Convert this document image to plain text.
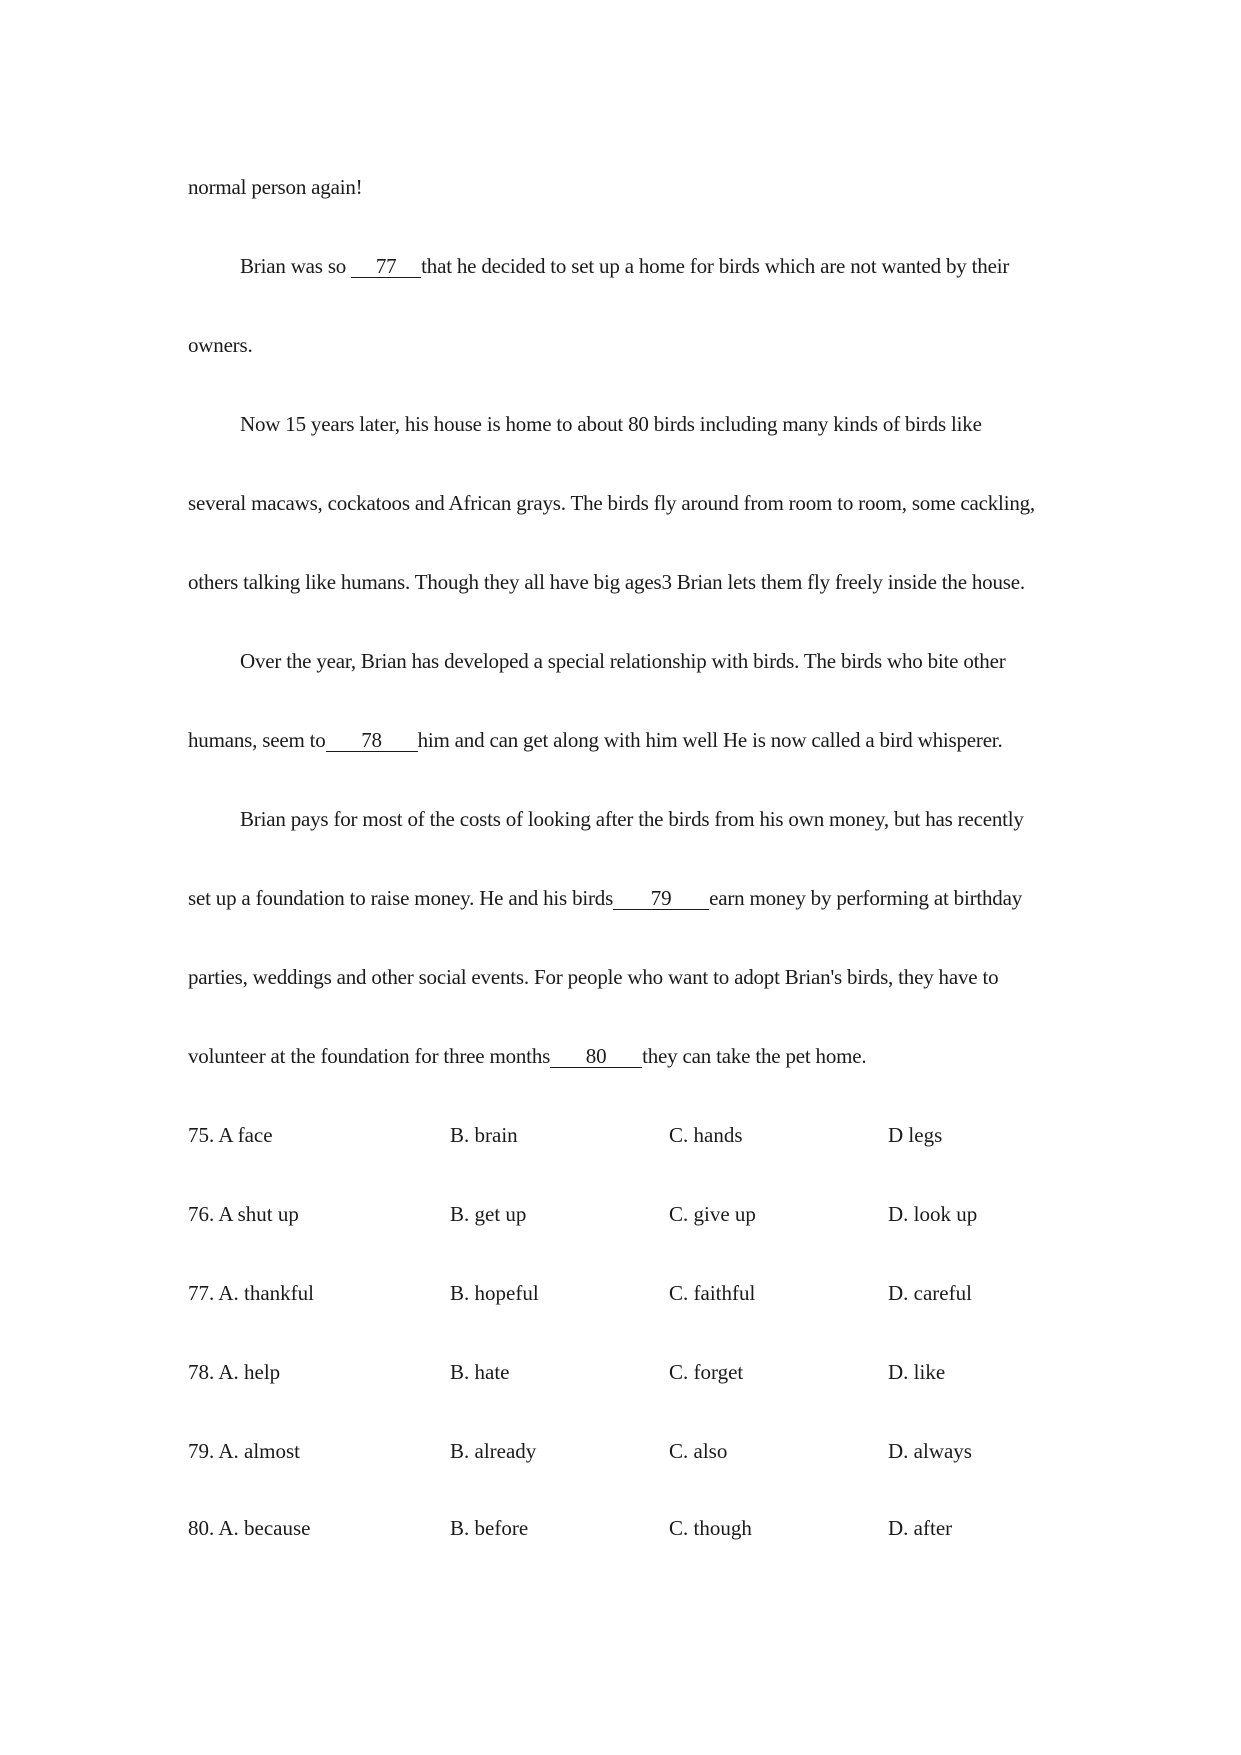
normal person again!
Brian was so 77 that he decided to set up a home for birds which are not wanted by their
owners.
Now 15 years later, his house is home to about 80 birds including many kinds of birds like
several macaws, cockatoos and African grays. The birds fly around from room to room, some cackling,
others talking like humans. Though they all have big ages3 Brian lets them fly freely inside the house.
Over the year, Brian has developed a special relationship with birds. The birds who bite other
humans, seem to 78 him and can get along with him well He is now called a bird whisperer.
Brian pays for most of the costs of looking after the birds from his own money, but has recently
set up a foundation to raise money. He and his birds 79 earn money by performing at birthday
parties, weddings and other social events. For people who want to adopt Brian's birds, they have to
volunteer at the foundation for three months 80 they can take the pet home.
75. A face	B. brain	C. hands	D legs
76. A shut up	B. get up	C. give up	D. look up
77. A. thankful	B. hopeful	C. faithful	D. careful
78. A. help	B. hate	C. forget	D. like
79. A. almost	B. already	C. also	D. always
80. A. because	B. before	C. though	D. after
